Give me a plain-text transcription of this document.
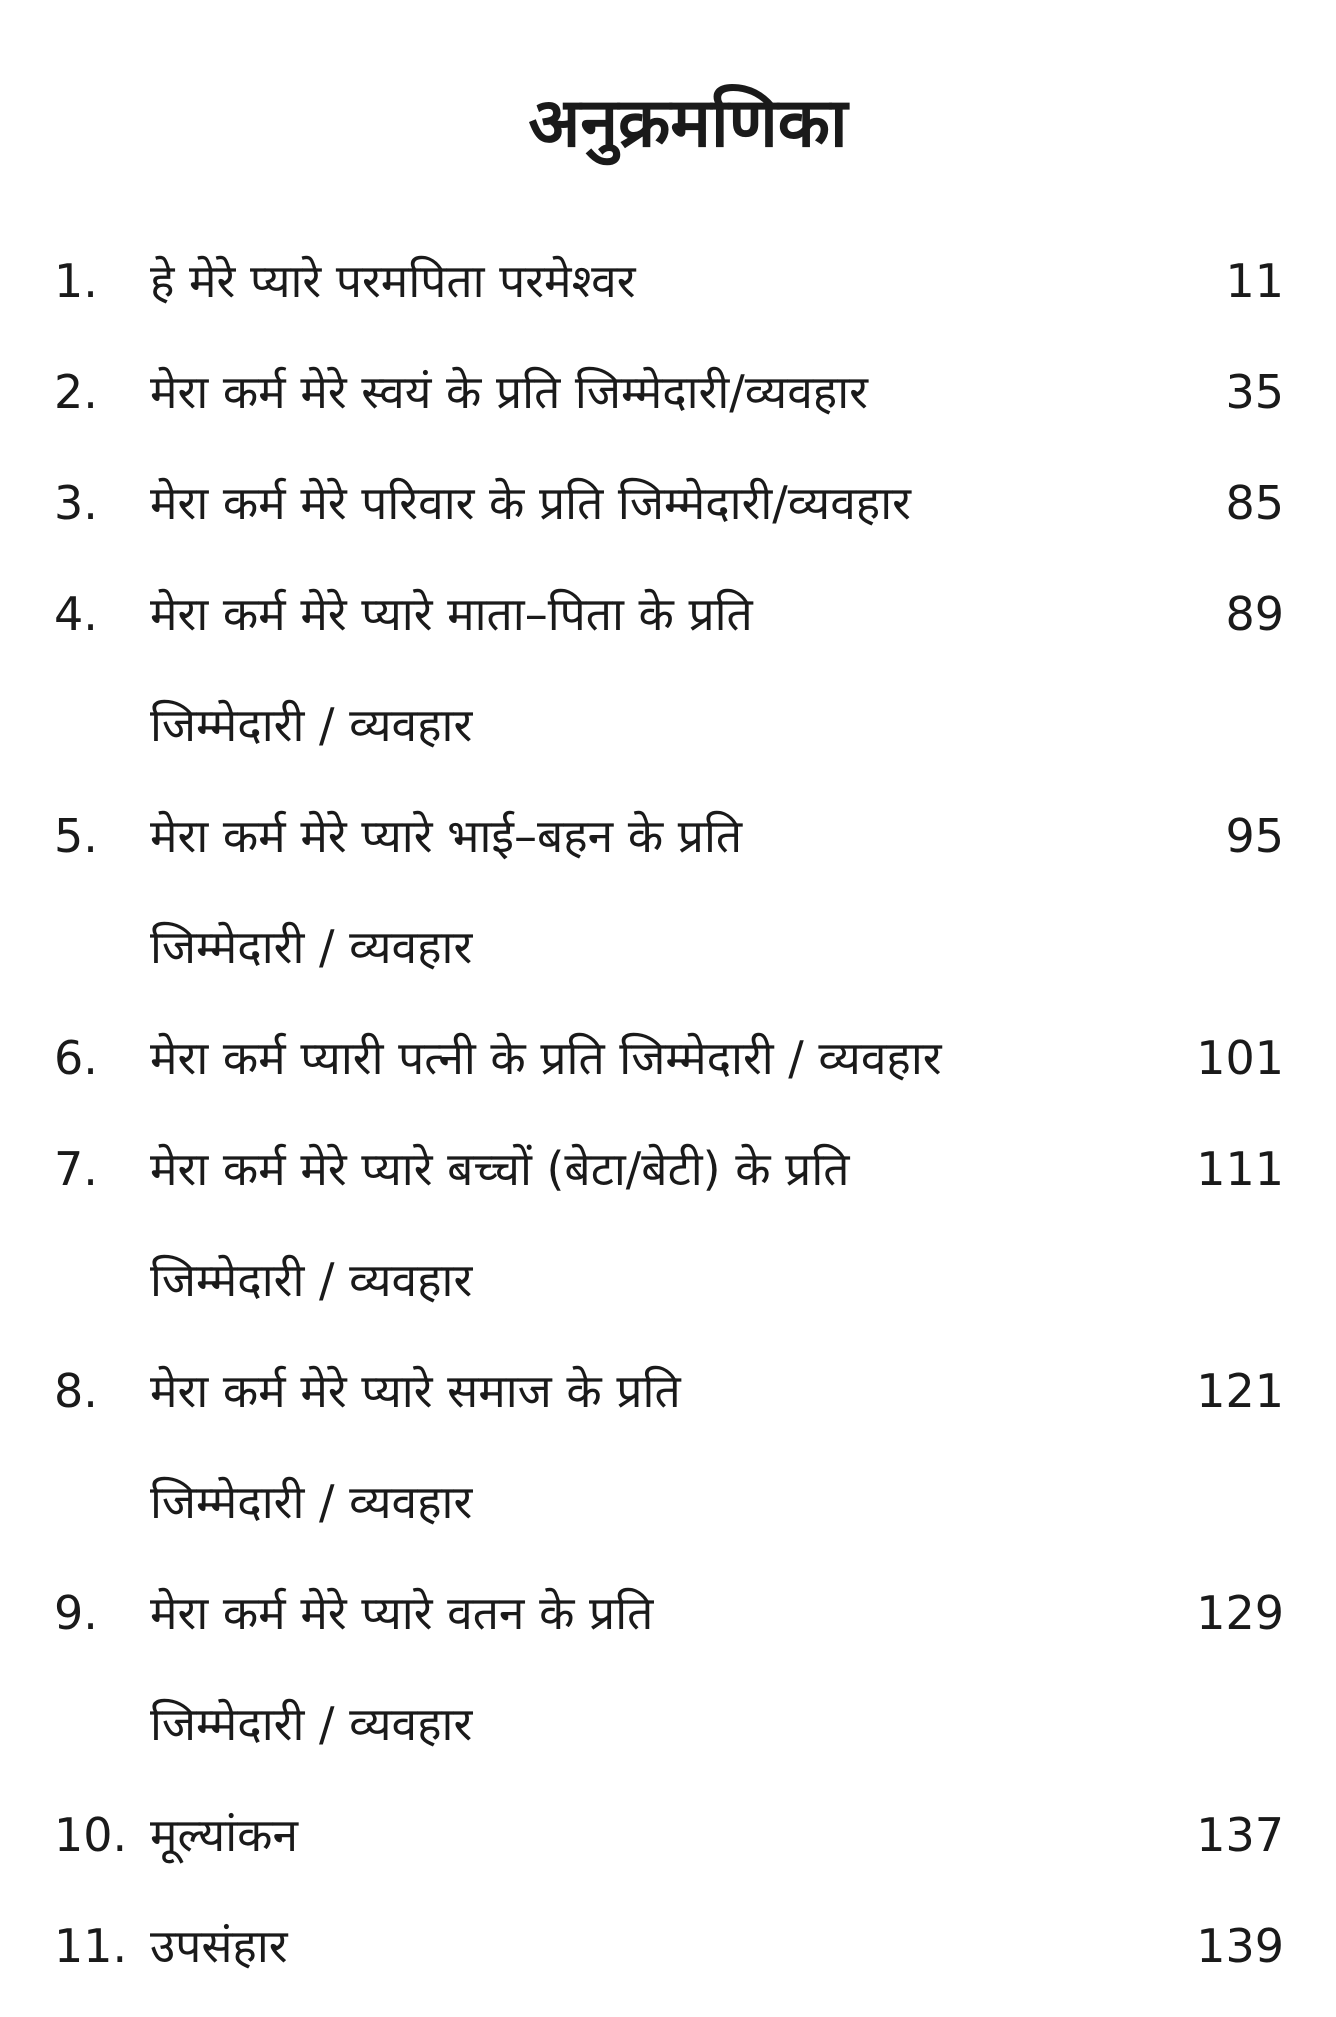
अनुक्रमणिका
1. हे मेरे प्यारे परमपिता परमेश्वर	11
2. मेरा कर्म मेरे स्वयं के प्रति जिम्मेदारी/व्यवहार	35
3. मेरा कर्म मेरे परिवार के प्रति जिम्मेदारी/व्यवहार	85
4. मेरा कर्म मेरे प्यारे माता–पिता के प्रति	89
जिम्मेदारी / व्यवहार
5. मेरा कर्म मेरे प्यारे भाई–बहन के प्रति	95
जिम्मेदारी / व्यवहार
6. मेरा कर्म प्यारी पत्नी के प्रति जिम्मेदारी / व्यवहार	101
7. मेरा कर्म मेरे प्यारे बच्चों (बेटा/बेटी) के प्रति	111
जिम्मेदारी / व्यवहार
8. मेरा कर्म मेरे प्यारे समाज के प्रति	121
जिम्मेदारी / व्यवहार
9. मेरा कर्म मेरे प्यारे वतन के प्रति	129
जिम्मेदारी / व्यवहार
10. मूल्यांकन	137
11. उपसंहार	139
